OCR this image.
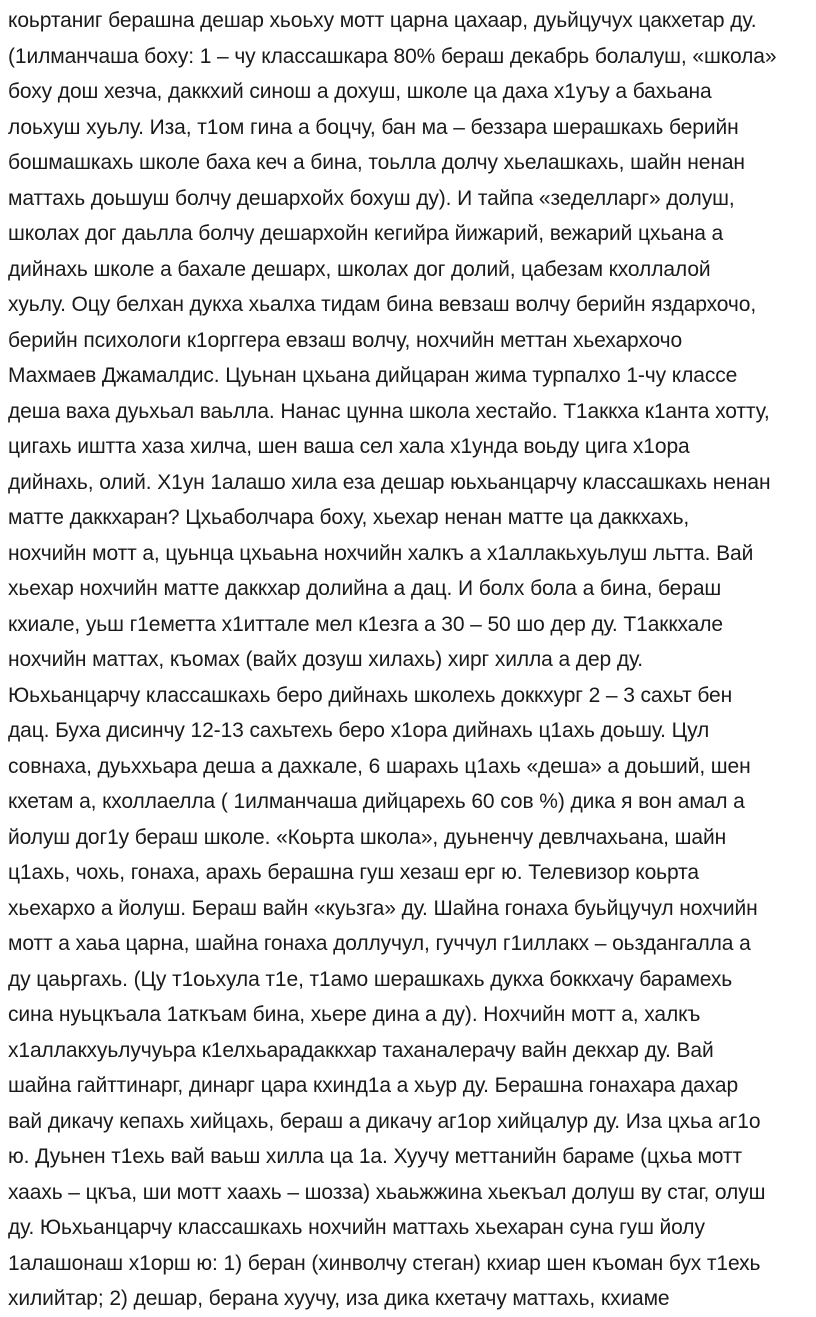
коьртаниг берашна дешар хьоьху мотт царна цахаар, дуьйцучух цакхетар ду.
(1илманчаша боху: 1 – чу классашкара 80% бераш декабрь болалуш, «школа»
боху дош хезча, даккхий синош а дохуш, школе ца даха х1уъу а бахьана
лоьхуш хуьлу. Иза, т1ом гина а боцчу, бан ма – беззара шерашкахь берийн
бошмашкахь школе баха кеч а бина, тоьлла долчу хьелашкахь, шайн ненан
маттахь доьшуш болчу дешархойх бохуш ду). И тайпа «зеделларг» долуш,
школах дог даьлла болчу дешархойн кегийра йижарий, вежарий цхьана а
дийнахь школе а бахале дешарх, школах дог долий, цабезам кхоллалой
хуьлу. Оцу белхан дукха хьалха тидам бина вевзаш волчу берийн яздархочо,
берийн психологи к1орггера евзаш волчу, нохчийн меттан хьехархочо
Махмаев Джамалдис. Цуьнан цхьана дийцаран жима турпалхо 1-чу классе
деша ваха дуьхьал ваьлла. Нанас цунна школа хестайо. Т1аккха к1анта хотту,
цигахь иштта хаза хилча, шен ваша сел хала х1унда воьду цига х1ора
дийнахь, олий. Х1ун 1алашо хила еза дешар юьхьанцарчу классашкахь ненан
матте даккхаран? Цхьаболчара боху, хьехар ненан матте ца даккхахь,
нохчийн мотт а, цуьнца цхьаьна нохчийн халкъ а х1аллакьхуьлуш льтта. Вай
хьехар нохчийн матте даккхар долийна а дац. И болх бола а бина, бераш
кхиале, уьш г1еметта х1иттале мел к1езга а 30 – 50 шо дер ду. Т1аккхале
нохчийн маттах, къомах (вайх дозуш хилахь) хирг хилла а дер ду.
Юьхьанцарчу классашкахь беро дийнахь школехь доккхург 2 – 3 сахьт бен
дац. Буха дисинчу 12-13 сахьтехь беро х1ора дийнахь ц1ахь доьшу. Цул
совнаха, дуьххьара деша а дахкале, 6 шарахь ц1ахь «деша» а доьший, шен
кхетам а, кхоллаелла ( 1илманчаша дийцарехь 60 сов %) дика я вон амал а
йолуш дог1у бераш школе. «Коьрта школа», дуьненчу девлчахьана, шайн
ц1ахь, чохь, гонаха, арахь берашна гуш хезаш ерг ю. Телевизор коьрта
хьехархо а йолуш. Бераш вайн «куьзга» ду. Шайна гонаха буьйцучул нохчийн
мотт а хаьа царна, шайна гонаха доллучул, гуччул г1иллакх – оьздангалла а
ду цаьргахь. (Цу т1оьхула т1е, т1амо шерашкахь дукха боккхачу барамехь
сина нуьцкъала 1аткъам бина, хьере дина а ду). Нохчийн мотт а, халкъ
х1аллакхуьлучуьра к1елхьарадаккхар таханалерачу вайн декхар ду. Вай
шайна гайттинарг, динарг цара кхинд1а а хьур ду. Берашна гонахара дахар
вай дикачу кепахь хийцахь, бераш а дикачу аг1ор хийцалур ду. Иза цхьа аг1о
ю. Дуьнен т1ехь вай ваьш хилла ца 1а. Хуучу меттанийн бараме (цхьа мотт
хаахь – цкъа, ши мотт хаахь – шозза) хьаьжжина хьекъал долуш ву стаг, олуш
ду. Юьхьанцарчу классашкахь нохчийн маттахь хьехаран суна гуш йолу
1алашонаш х1орш ю: 1) беран (хинволчу стеган) кхиар шен къоман бух т1ехь
хилийтар; 2) дешар, берана хуучу, иза дика кхетачу маттахь, кхиаме
